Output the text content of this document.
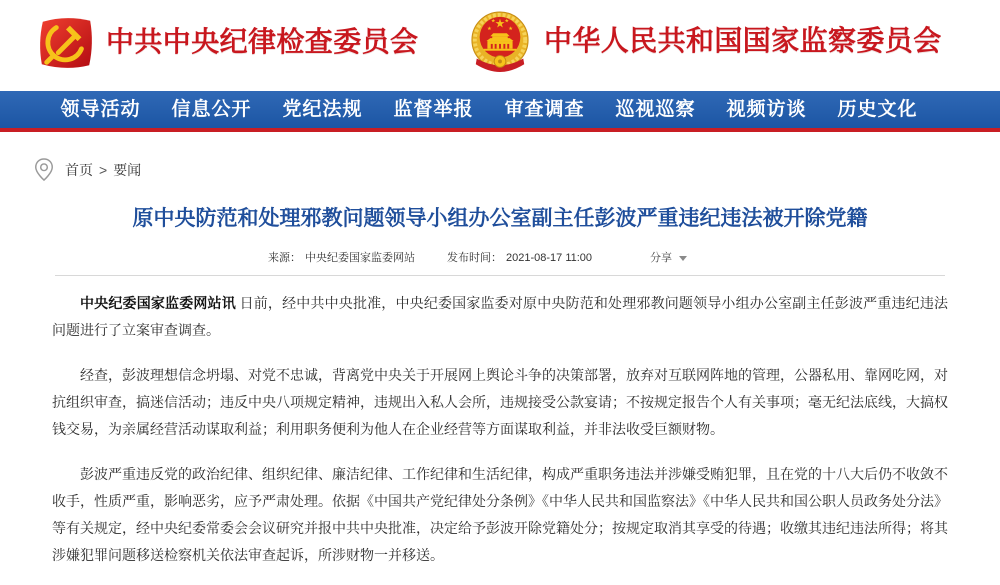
中共中央纪律检查委员会	中华人民共和国国家监察委员会
领导活动	信息公开	党纪法规	监督举报	审查调查	巡视巡察	视频访谈	历史文化
首页 > 要闻
原中央防范和处理邪教问题领导小组办公室副主任彭波严重违纪违法被开除党籍
来源： 中央纪委国家监委网站	发布时间： 2021-08-17 11:00	分享

中央纪委国家监委网站讯 日前，经中共中央批准，中央纪委国家监委对原中央防范和处理邪教问题领导小组办公室副主任彭波严重违纪违法问题进行了立案审查调查。

经查，彭波理想信念坍塌、对党不忠诚，背离党中央关于开展网上舆论斗争的决策部署，放弃对互联网阵地的管理，公器私用、靠网吃网，对抗组织审查，搞迷信活动；违反中央八项规定精神，违规出入私人会所，违规接受公款宴请；不按规定报告个人有关事项；毫无纪法底线，大搞权钱交易，为亲属经营活动谋取利益；利用职务便利为他人在企业经营等方面谋取利益，并非法收受巨额财物。

彭波严重违反党的政治纪律、组织纪律、廉洁纪律、工作纪律和生活纪律，构成严重职务违法并涉嫌受贿犯罪，且在党的十八大后仍不收敛不收手，性质严重，影响恶劣，应予严肃处理。依据《中国共产党纪律处分条例》《中华人民共和国监察法》《中华人民共和国公职人员政务处分法》等有关规定，经中央纪委常委会会议研究并报中共中央批准，决定给予彭波开除党籍处分；按规定取消其享受的待遇；收缴其违纪违法所得；将其涉嫌犯罪问题移送检察机关依法审查起诉，所涉财物一并移送。
